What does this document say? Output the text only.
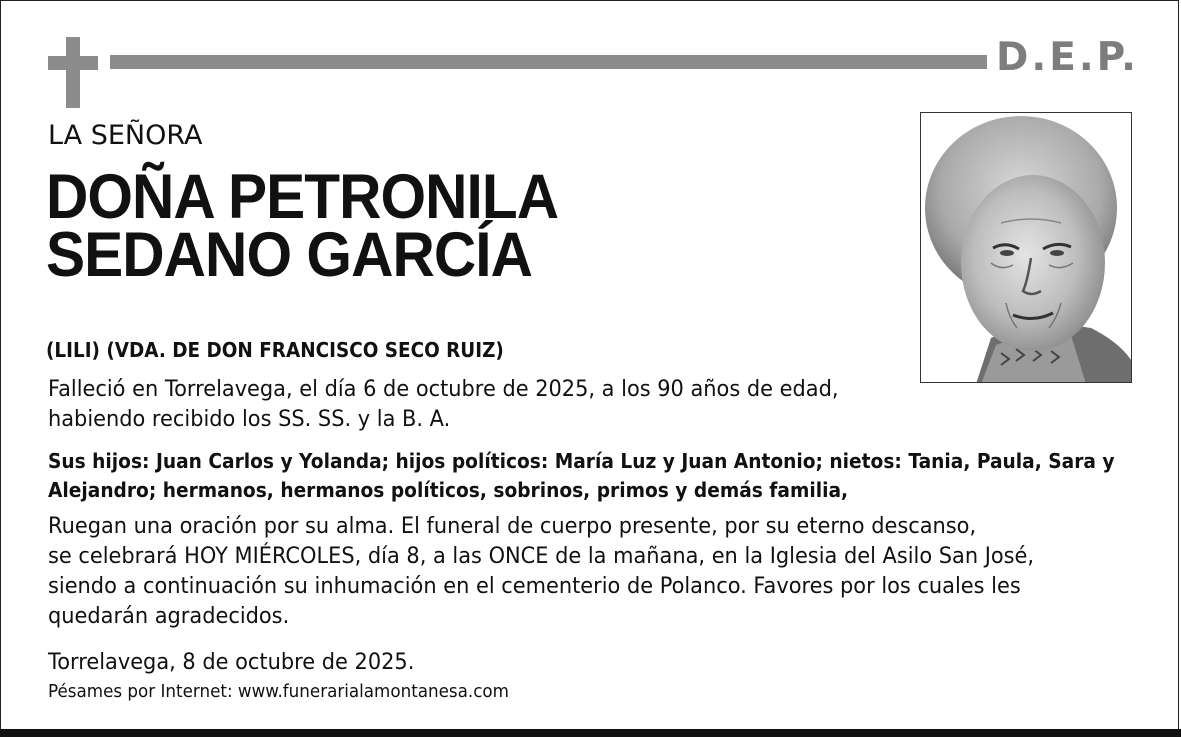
D.E.P.
LA SEÑORA
DOÑA PETRONILA
SEDANO GARCÍA
(LILI) (VDA. DE DON FRANCISCO SECO RUIZ)
Falleció en Torrelavega, el día 6 de octubre de 2025, a los 90 años de edad,
habiendo recibido los SS. SS. y la B. A.
Sus hijos: Juan Carlos y Yolanda; hijos políticos: María Luz y Juan Antonio; nietos: Tania, Paula, Sara y
Alejandro; hermanos, hermanos políticos, sobrinos, primos y demás familia,
Ruegan una oración por su alma. El funeral de cuerpo presente, por su eterno descanso,
se celebrará HOY MIÉRCOLES, día 8, a las ONCE de la mañana, en la Iglesia del Asilo San José,
siendo a continuación su inhumación en el cementerio de Polanco. Favores por los cuales les
quedarán agradecidos.
Torrelavega, 8 de octubre de 2025.
Pésames por Internet: www.funerarialamontanesa.com
